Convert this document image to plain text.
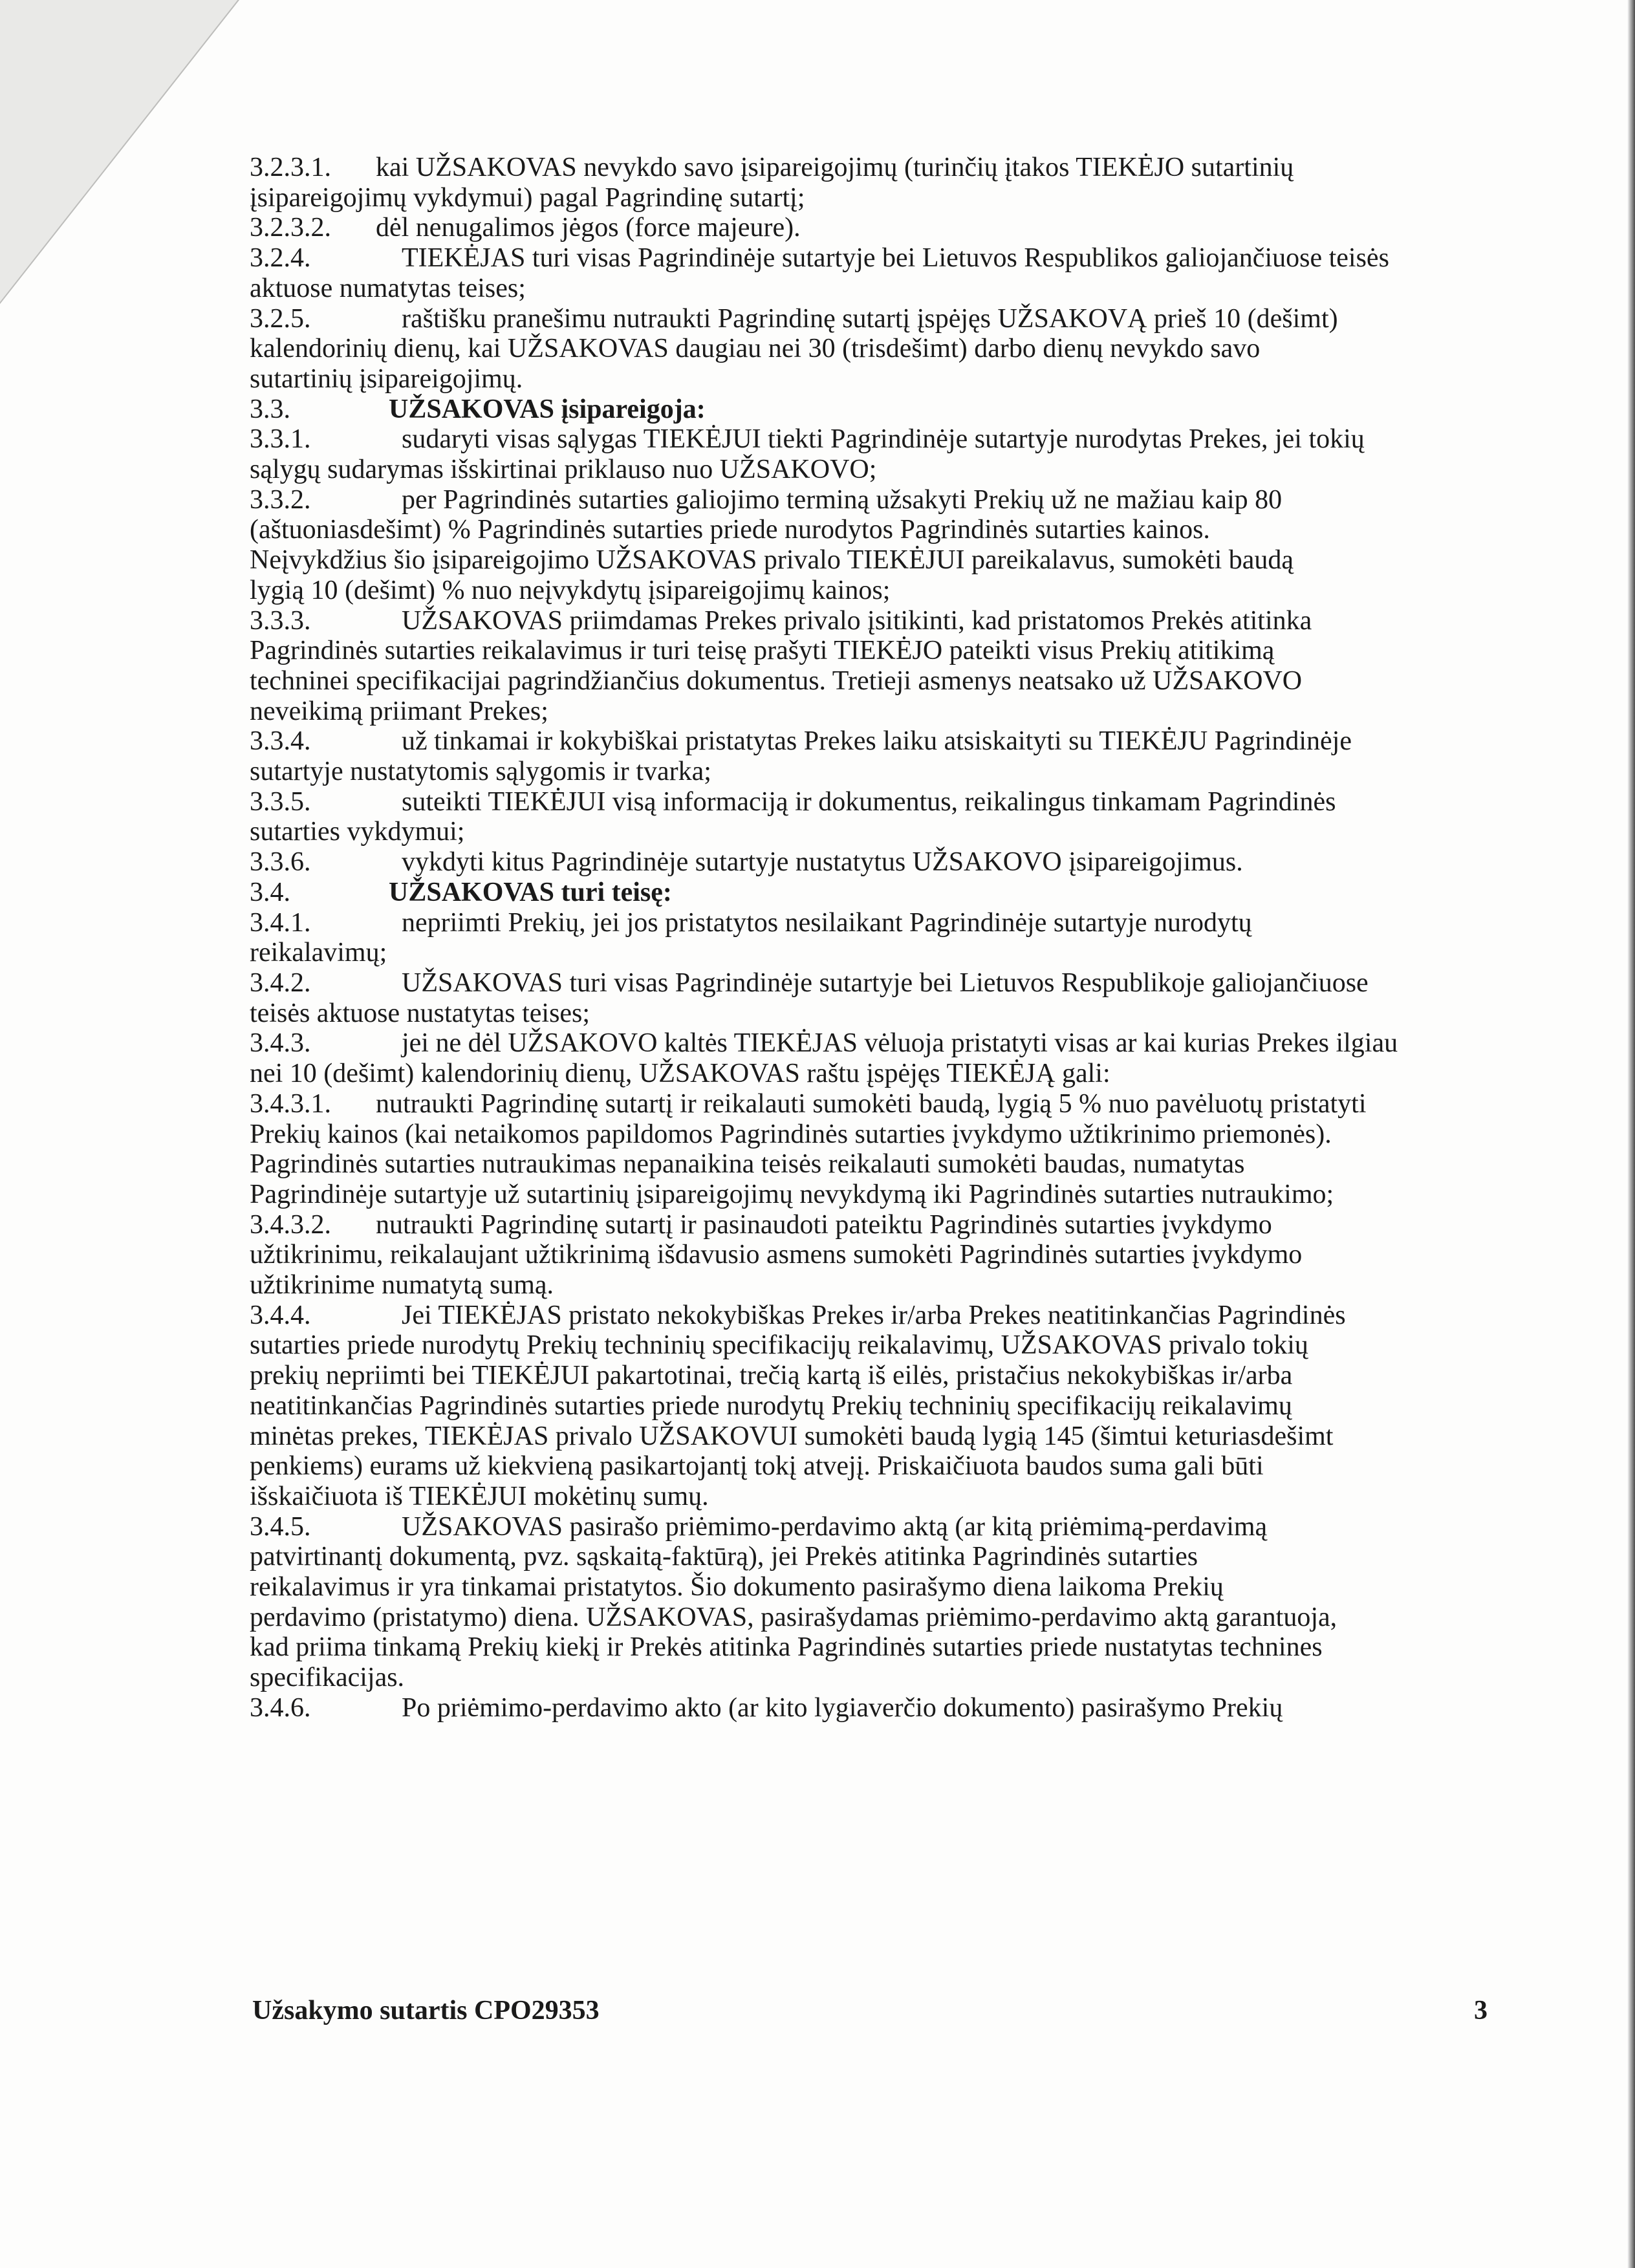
3.2.3.1. kai UŽSAKOVAS nevykdo savo įsipareigojimų (turinčių įtakos TIEKĖJO sutartinių
įsipareigojimų vykdymui) pagal Pagrindinę sutartį;
3.2.3.2. dėl nenugalimos jėgos (force majeure).
3.2.4.	TIEKĖJAS turi visas Pagrindinėje sutartyje bei Lietuvos Respublikos galiojančiuose teisės
aktuose numatytas teises;
3.2.5.	raštišku pranešimu nutraukti Pagrindinę sutartį įspėjęs UŽSAKOVĄ prieš 10 (dešimt)
kalendorinių dienų, kai UŽSAKOVAS daugiau nei 30 (trisdešimt) darbo dienų nevykdo savo
sutartinių įsipareigojimų.
3.3.	UŽSAKOVAS įsipareigoja:
3.3.1.	sudaryti visas sąlygas TIEKĖJUI tiekti Pagrindinėje sutartyje nurodytas Prekes, jei tokių
sąlygų sudarymas išskirtinai priklauso nuo UŽSAKOVO;
3.3.2.	per Pagrindinės sutarties galiojimo terminą užsakyti Prekių už ne mažiau kaip 80
(aštuoniasdešimt) % Pagrindinės sutarties priede nurodytos Pagrindinės sutarties kainos.
Neįvykdžius šio įsipareigojimo UŽSAKOVAS privalo TIEKĖJUI pareikalavus, sumokėti baudą
lygią 10 (dešimt) % nuo neįvykdytų įsipareigojimų kainos;
3.3.3.	UŽSAKOVAS priimdamas Prekes privalo įsitikinti, kad pristatomos Prekės atitinka
Pagrindinės sutarties reikalavimus ir turi teisę prašyti TIEKĖJO pateikti visus Prekių atitikimą
techninei specifikacijai pagrindžiančius dokumentus. Tretieji asmenys neatsako už UŽSAKOVO
neveikimą priimant Prekes;
3.3.4.	už tinkamai ir kokybiškai pristatytas Prekes laiku atsiskaityti su TIEKĖJU Pagrindinėje
sutartyje nustatytomis sąlygomis ir tvarka;
3.3.5.	suteikti TIEKĖJUI visą informaciją ir dokumentus, reikalingus tinkamam Pagrindinės
sutarties vykdymui;
3.3.6.	vykdyti kitus Pagrindinėje sutartyje nustatytus UŽSAKOVO įsipareigojimus.
3.4.	UŽSAKOVAS turi teisę:
3.4.1.	nepriimti Prekių, jei jos pristatytos nesilaikant Pagrindinėje sutartyje nurodytų
reikalavimų;
3.4.2.	UŽSAKOVAS turi visas Pagrindinėje sutartyje bei Lietuvos Respublikoje galiojančiuose
teisės aktuose nustatytas teises;
3.4.3.	jei ne dėl UŽSAKOVO kaltės TIEKĖJAS vėluoja pristatyti visas ar kai kurias Prekes ilgiau
nei 10 (dešimt) kalendorinių dienų, UŽSAKOVAS raštu įspėjęs TIEKĖJĄ gali:
3.4.3.1. nutraukti Pagrindinę sutartį ir reikalauti sumokėti baudą, lygią 5 % nuo pavėluotų pristatyti
Prekių kainos (kai netaikomos papildomos Pagrindinės sutarties įvykdymo užtikrinimo priemonės).
Pagrindinės sutarties nutraukimas nepanaikina teisės reikalauti sumokėti baudas, numatytas
Pagrindinėje sutartyje už sutartinių įsipareigojimų nevykdymą iki Pagrindinės sutarties nutraukimo;
3.4.3.2. nutraukti Pagrindinę sutartį ir pasinaudoti pateiktu Pagrindinės sutarties įvykdymo
užtikrinimu, reikalaujant užtikrinimą išdavusio asmens sumokėti Pagrindinės sutarties įvykdymo
užtikrinime numatytą sumą.
3.4.4.	Jei TIEKĖJAS pristato nekokybiškas Prekes ir/arba Prekes neatitinkančias Pagrindinės
sutarties priede nurodytų Prekių techninių specifikacijų reikalavimų, UŽSAKOVAS privalo tokių
prekių nepriimti bei TIEKĖJUI pakartotinai, trečią kartą iš eilės, pristačius nekokybiškas ir/arba
neatitinkančias Pagrindinės sutarties priede nurodytų Prekių techninių specifikacijų reikalavimų
minėtas prekes, TIEKĖJAS privalo UŽSAKOVUI sumokėti baudą lygią 145 (šimtui keturiasdešimt
penkiems) eurams už kiekvieną pasikartojantį tokį atvejį. Priskaičiuota baudos suma gali būti
išskaičiuota iš TIEKĖJUI mokėtinų sumų.
3.4.5.	UŽSAKOVAS pasirašo priėmimo-perdavimo aktą (ar kitą priėmimą-perdavimą
patvirtinantį dokumentą, pvz. sąskaitą-faktūrą), jei Prekės atitinka Pagrindinės sutarties
reikalavimus ir yra tinkamai pristatytos. Šio dokumento pasirašymo diena laikoma Prekių
perdavimo (pristatymo) diena. UŽSAKOVAS, pasirašydamas priėmimo-perdavimo aktą garantuoja,
kad priima tinkamą Prekių kiekį ir Prekės atitinka Pagrindinės sutarties priede nustatytas technines
specifikacijas.
3.4.6.	Po priėmimo-perdavimo akto (ar kito lygiaverčio dokumento) pasirašymo Prekių
Užsakymo sutartis CPO29353	3
